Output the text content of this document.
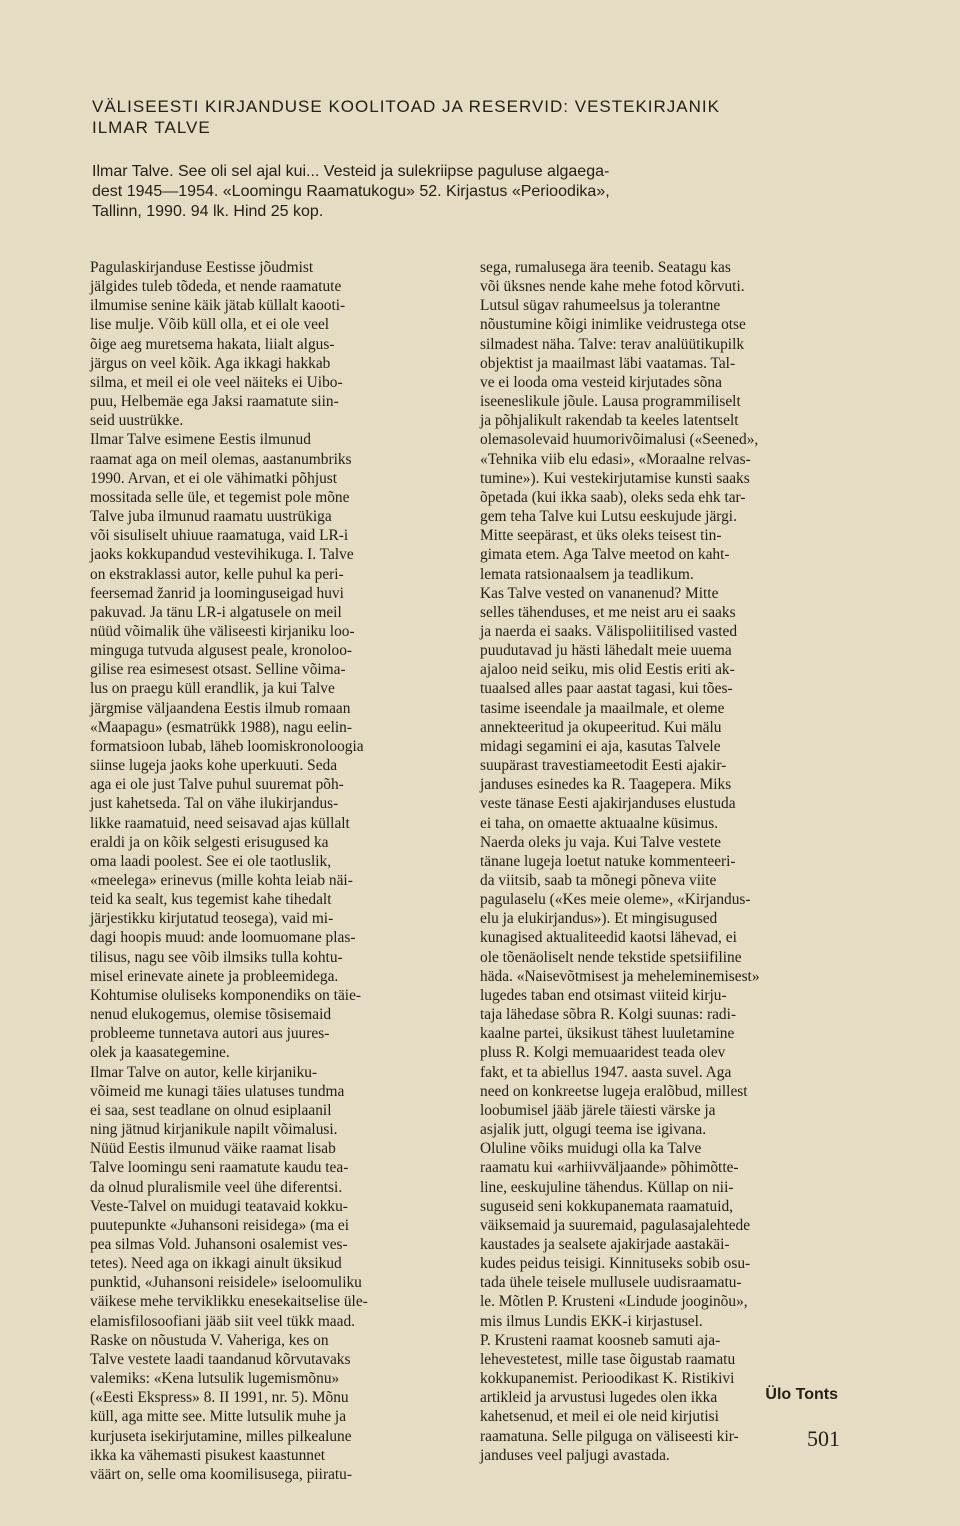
VÄLISEESTI KIRJANDUSE KOOLITOAD JA RESERVID: VESTEKIRJANIK
ILMAR TALVE
Ilmar Talve. See oli sel ajal kui... Vesteid ja sulekriipse paguluse algaega-
dest 1945—1954. «Loomingu Raamatukogu» 52. Kirjastus «Perioodika»,
Tallinn, 1990. 94 lk. Hind 25 kop.
Pagulaskirjanduse Eestisse jõudmist
jälgides tuleb tõdeda, et nende raamatute
ilmumise senine käik jätab küllalt kaooti-
lise mulje. Võib küll olla, et ei ole veel
õige aeg muretsema hakata, liialt algus-
järgus on veel kõik. Aga ikkagi hakkab
silma, et meil ei ole veel näiteks ei Uibo-
puu, Helbemäe ega Jaksi raamatute siin-
seid uustrükke.
Ilmar Talve esimene Eestis ilmunud
raamat aga on meil olemas, aastanumbriks
1990. Arvan, et ei ole vähimatki põhjust
mossitada selle üle, et tegemist pole mõne
Talve juba ilmunud raamatu uustrükiga
või sisuliselt uhiuue raamatuga, vaid LR-i
jaoks kokkupandud vestevihikuga. I. Talve
on ekstraklassi autor, kelle puhul ka peri-
feersemad žanrid ja loominguseigad huvi
pakuvad. Ja tänu LR-i algatusele on meil
nüüd võimalik ühe väliseesti kirjaniku loo-
minguga tutvuda algusest peale, kronoloo-
gilise rea esimesest otsast. Selline võima-
lus on praegu küll erandlik, ja kui Talve
järgmise väljaandena Eestis ilmub romaan
«Maapagu» (esmatrükk 1988), nagu eelin-
formatsioon lubab, läheb loomiskronoloogia
siinse lugeja jaoks kohe uperkuuti. Seda
aga ei ole just Talve puhul suuremat põh-
just kahetseda. Tal on vähe ilukirjandus-
likke raamatuid, need seisavad ajas küllalt
eraldi ja on kõik selgesti erisugused ka
oma laadi poolest. See ei ole taotluslik,
«meelega» erinevus (mille kohta leiab näi-
teid ka sealt, kus tegemist kahe tihedalt
järjestikku kirjutatud teosega), vaid mi-
dagi hoopis muud: ande loomuomane plas-
tilisus, nagu see võib ilmsiks tulla kohtu-
misel erinevate ainete ja probleemidega.
Kohtumise oluliseks komponendiks on täie-
nenud elukogemus, olemise tõsisemaid
probleeme tunnetava autori aus juures-
olek ja kaasategemine.
Ilmar Talve on autor, kelle kirjaniku-
võimeid me kunagi täies ulatuses tundma
ei saa, sest teadlane on olnud esiplaanil
ning jätnud kirjanikule napilt võimalusi.
Nüüd Eestis ilmunud väike raamat lisab
Talve loomingu seni raamatute kaudu tea-
da olnud pluralismile veel ühe diferentsi.
Veste-Talvel on muidugi teatavaid kokku-
puutepunkte «Juhansoni reisidega» (ma ei
pea silmas Vold. Juhansoni osalemist ves-
tetes). Need aga on ikkagi ainult üksikud
punktid, «Juhansoni reisidele» iseloomuliku
väikese mehe terviklikku enesekaitselise üle-
elamisfilosoofiani jääb siit veel tükk maad.
Raske on nõustuda V. Vaheriga, kes on
Talve vestete laadi taandanud kõrvutavaks
valemiks: «Kena lutsulik lugemismõnu»
(«Eesti Ekspress» 8. II 1991, nr. 5). Mõnu
küll, aga mitte see. Mitte lutsulik muhe ja
kurjuseta isekirjutamine, milles pilkealune
ikka ka vähemasti pisukest kaastunnet
väärt on, selle oma koomilisusega, piiratu-
sega, rumalusega ära teenib. Seatagu kas
või üksnes nende kahe mehe fotod kõrvuti.
Lutsul sügav rahumeelsus ja tolerantne
nõustumine kõigi inimlike veidrustega otse
silmadest näha. Talve: terav analüütikupilk
objektist ja maailmast läbi vaatamas. Tal-
ve ei looda oma vesteid kirjutades sõna
iseeneslikule jõule. Lausa programmiliselt
ja põhjalikult rakendab ta keeles latentselt
olemasolevaid huumorivõimalusi («Seened»,
«Tehnika viib elu edasi», «Moraalne relvas-
tumine»). Kui vestekirjutamise kunsti saaks
õpetada (kui ikka saab), oleks seda ehk tar-
gem teha Talve kui Lutsu eeskujude järgi.
Mitte seepärast, et üks oleks teisest tin-
gimata etem. Aga Talve meetod on kaht-
lemata ratsionaalsem ja teadlikum.
Kas Talve vested on vananenud? Mitte
selles tähenduses, et me neist aru ei saaks
ja naerda ei saaks. Välispoliitilised vasted
puudutavad ju hästi lähedalt meie uuema
ajaloo neid seiku, mis olid Eestis eriti ak-
tuaalsed alles paar aastat tagasi, kui tões-
tasime iseendale ja maailmale, et oleme
annekteeritud ja okupeeritud. Kui mälu
midagi segamini ei aja, kasutas Talvele
suupärast travestiameetodit Eesti ajakir-
janduses esinedes ka R. Taagepera. Miks
veste tänase Eesti ajakirjanduses elustuda
ei taha, on omaette aktuaalne küsimus.
Naerda oleks ju vaja. Kui Talve vestete
tänane lugeja loetut natuke kommenteeri-
da viitsib, saab ta mõnegi põneva viite
pagulaselu («Kes meie oleme», «Kirjandus-
elu ja elukirjandus»). Et mingisugused
kunagised aktualiteedid kaotsi lähevad, ei
ole tõenäoliselt nende tekstide spetsiifiline
häda. «Naisevõtmisest ja meheleminemisest»
lugedes taban end otsimast viiteid kirju-
taja lähedase sõbra R. Kolgi suunas: radi-
kaalne partei, üksikust tähest luuletamine
pluss R. Kolgi memuaaridest teada olev
fakt, et ta abiellus 1947. aasta suvel. Aga
need on konkreetse lugeja eralõbud, millest
loobumisel jääb järele täiesti värske ja
asjalik jutt, olgugi teema ise igivana.
Oluline võiks muidugi olla ka Talve
raamatu kui «arhiivväljaande» põhimõtte-
line, eeskujuline tähendus. Küllap on nii-
suguseid seni kokkupanemata raamatuid,
väiksemaid ja suuremaid, pagulasajalehtede
kaustades ja sealsete ajakirjade aastakäi-
kudes peidus teisigi. Kinnituseks sobib osu-
tada ühele teisele mullusele uudisraamatu-
le. Mõtlen P. Krusteni «Lindude jooginõu»,
mis ilmus Lundis EKK-i kirjastusel.
P. Krusteni raamat koosneb samuti aja-
lehevestetest, mille tase õigustab raamatu
kokkupanemist. Perioodikast K. Ristikivi
artikleid ja arvustusi lugedes olen ikka
kahetsenud, et meil ei ole neid kirjutisi
raamatuna. Selle pilguga on väliseesti kir-
janduses veel paljugi avastada.
Ülo Tonts
501
